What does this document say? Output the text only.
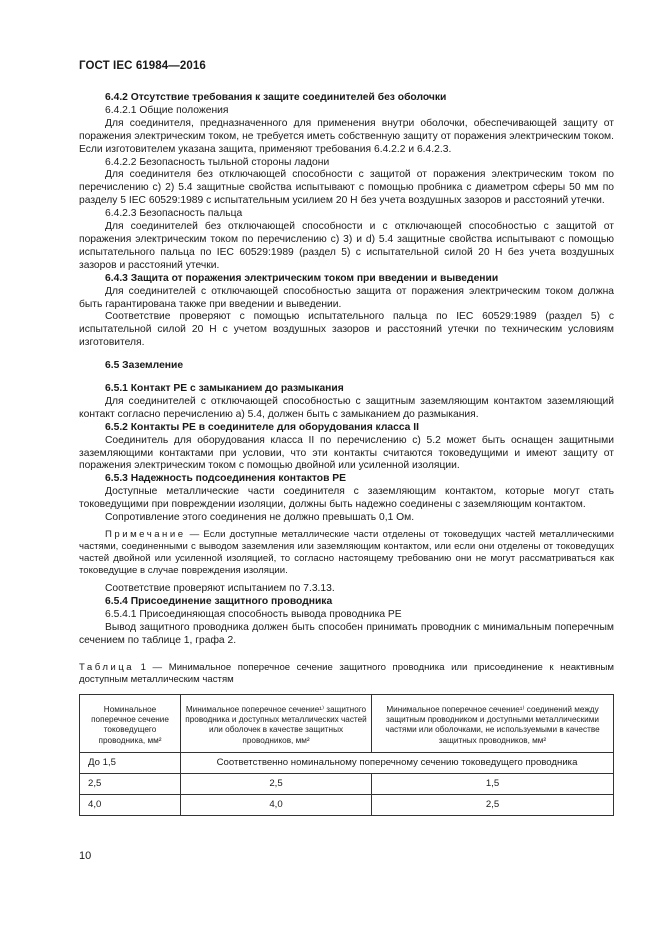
ГОСТ IEC 61984—2016

6.4.2 Отсутствие требования к защите соединителей без оболочки

6.4.2.1 Общие положения

Для соединителя, предназначенного для применения внутри оболочки, обеспечивающей защиту от поражения электрическим током, не требуется иметь собственную защиту от поражения электрическим током. Если изготовителем указана защита, применяют требования 6.4.2.2 и 6.4.2.3.

6.4.2.2 Безопасность тыльной стороны ладони

Для соединителя без отключающей способности с защитой от поражения электрическим током по перечислению с) 2) 5.4 защитные свойства испытывают с помощью пробника с диаметром сферы 50 мм по разделу 5 IEC 60529:1989 с испытательным усилием 20 Н без учета воздушных зазоров и расстояний утечки.

6.4.2.3 Безопасность пальца

Для соединителей без отключающей способности и с отключающей способностью с защитой от поражения электрическим током по перечислению с) 3) и d) 5.4 защитные свойства испытывают с помощью испытательного пальца по IEC 60529:1989 (раздел 5) с испытательной силой 20 Н без учета воздушных зазоров и расстояний утечки.

6.4.3 Защита от поражения электрическим током при введении и выведении

Для соединителей с отключающей способностью защита от поражения электрическим током должна быть гарантирована также при введении и выведении.

Соответствие проверяют с помощью испытательного пальца по IEC 60529:1989 (раздел 5) с испытательной силой 20 Н с учетом воздушных зазоров и расстояний утечки по техническим условиям изготовителя.

6.5 Заземление

6.5.1 Контакт РЕ с замыканием до размыкания

Для соединителей с отключающей способностью с защитным заземляющим контактом заземляющий контакт согласно перечислению а) 5.4, должен быть с замыканием до размыкания.

6.5.2 Контакты РЕ в соединителе для оборудования класса II

Соединитель для оборудования класса II по перечислению с) 5.2 может быть оснащен защитными заземляющими контактами при условии, что эти контакты считаются токоведущими и имеют защиту от поражения электрическим током с помощью двойной или усиленной изоляции.

6.5.3 Надежность подсоединения контактов РЕ

Доступные металлические части соединителя с заземляющим контактом, которые могут стать токоведущими при повреждении изоляции, должны быть надежно соединены с заземляющим контактом.

Сопротивление этого соединения не должно превышать 0,1 Ом.

Примечание — Если доступные металлические части отделены от токоведущих частей металлическими частями, соединенными с выводом заземления или заземляющим контактом, или если они отделены от токоведущих частей двойной или усиленной изоляцией, то согласно настоящему требованию они не могут рассматриваться как токоведущие в случае повреждения изоляции.

Соответствие проверяют испытанием по 7.3.13.

6.5.4 Присоединение защитного проводника

6.5.4.1 Присоединяющая способность вывода проводника РЕ

Вывод защитного проводника должен быть способен принимать проводник с минимальным поперечным сечением по таблице 1, графа 2.

Таблица 1 — Минимальное поперечное сечение защитного проводника или присоединение к неактивным доступным металлическим частям
Номинальное поперечное сечение токоведущего проводника, мм²	Минимальное поперечное сечение¹⁾ защитного проводника и доступных металлических частей или оболочек в качестве защитных проводников, мм²	Минимальное поперечное сечение¹⁾ соединений между защитным проводником и доступными металлическими частями или оболочками, не используемыми в качестве защитных проводников, мм²
До 1,5	Соответственно номинальному поперечному сечению токоведущего проводника	
2,5	2,5	1,5
4,0	4,0	2,5
10
